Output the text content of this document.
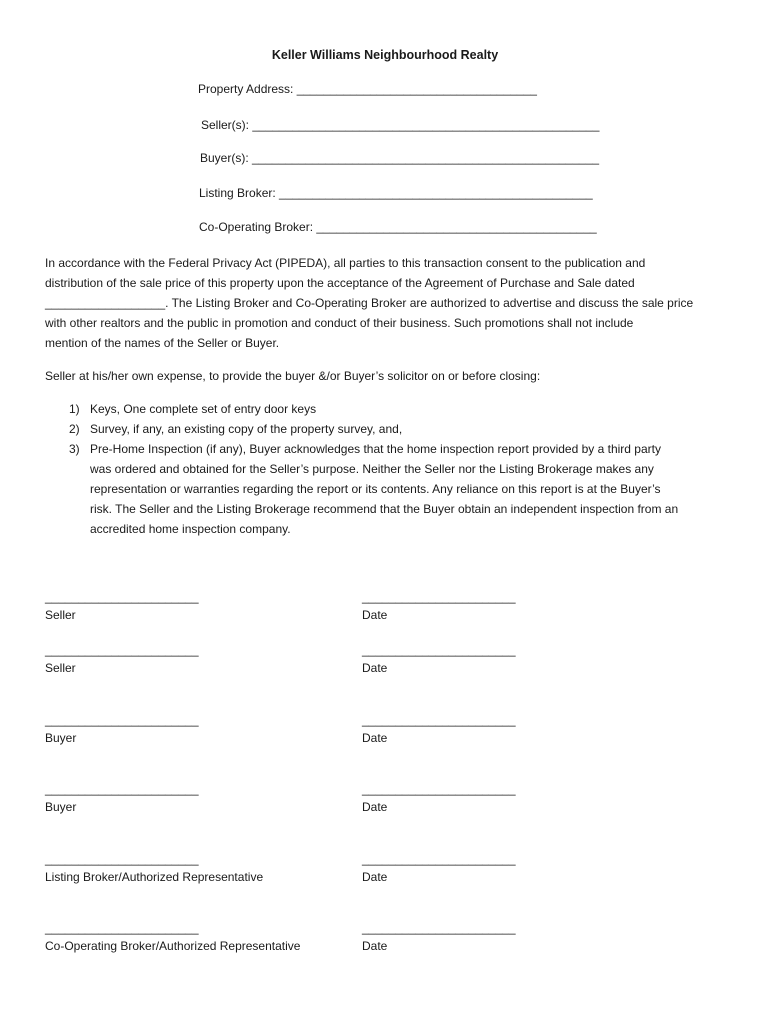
Keller Williams Neighbourhood Realty
Property Address: ____________________________________
Seller(s): ____________________________________________________
Buyer(s): ____________________________________________________
Listing Broker: _______________________________________________
Co-Operating Broker: __________________________________________
In accordance with the Federal Privacy Act (PIPEDA), all parties to this transaction consent to the publication and
distribution of the sale price of this property upon the acceptance of the Agreement of Purchase and Sale dated
__________________. The Listing Broker and Co-Operating Broker are authorized to advertise and discuss the sale price
with other realtors and the public in promotion and conduct of their business. Such promotions shall not include
mention of the names of the Seller or Buyer.
Seller at his/her own expense, to provide the buyer &/or Buyer’s solicitor on or before closing:
1) Keys, One complete set of entry door keys
2) Survey, if any, an existing copy of the property survey, and,
3) Pre-Home Inspection (if any), Buyer acknowledges that the home inspection report provided by a third party
was ordered and obtained for the Seller’s purpose. Neither the Seller nor the Listing Brokerage makes any
representation or warranties regarding the report or its contents. Any reliance on this report is at the Buyer’s
risk. The Seller and the Listing Brokerage recommend that the Buyer obtain an independent inspection from an
accredited home inspection company.
_______________________
Seller
_______________________
Date
_______________________
Seller
_______________________
Date
_______________________
Buyer
_______________________
Date
_______________________
Buyer
_______________________
Date
_______________________
Listing Broker/Authorized Representative
_______________________
Date
_______________________
Co-Operating Broker/Authorized Representative
_______________________
Date
